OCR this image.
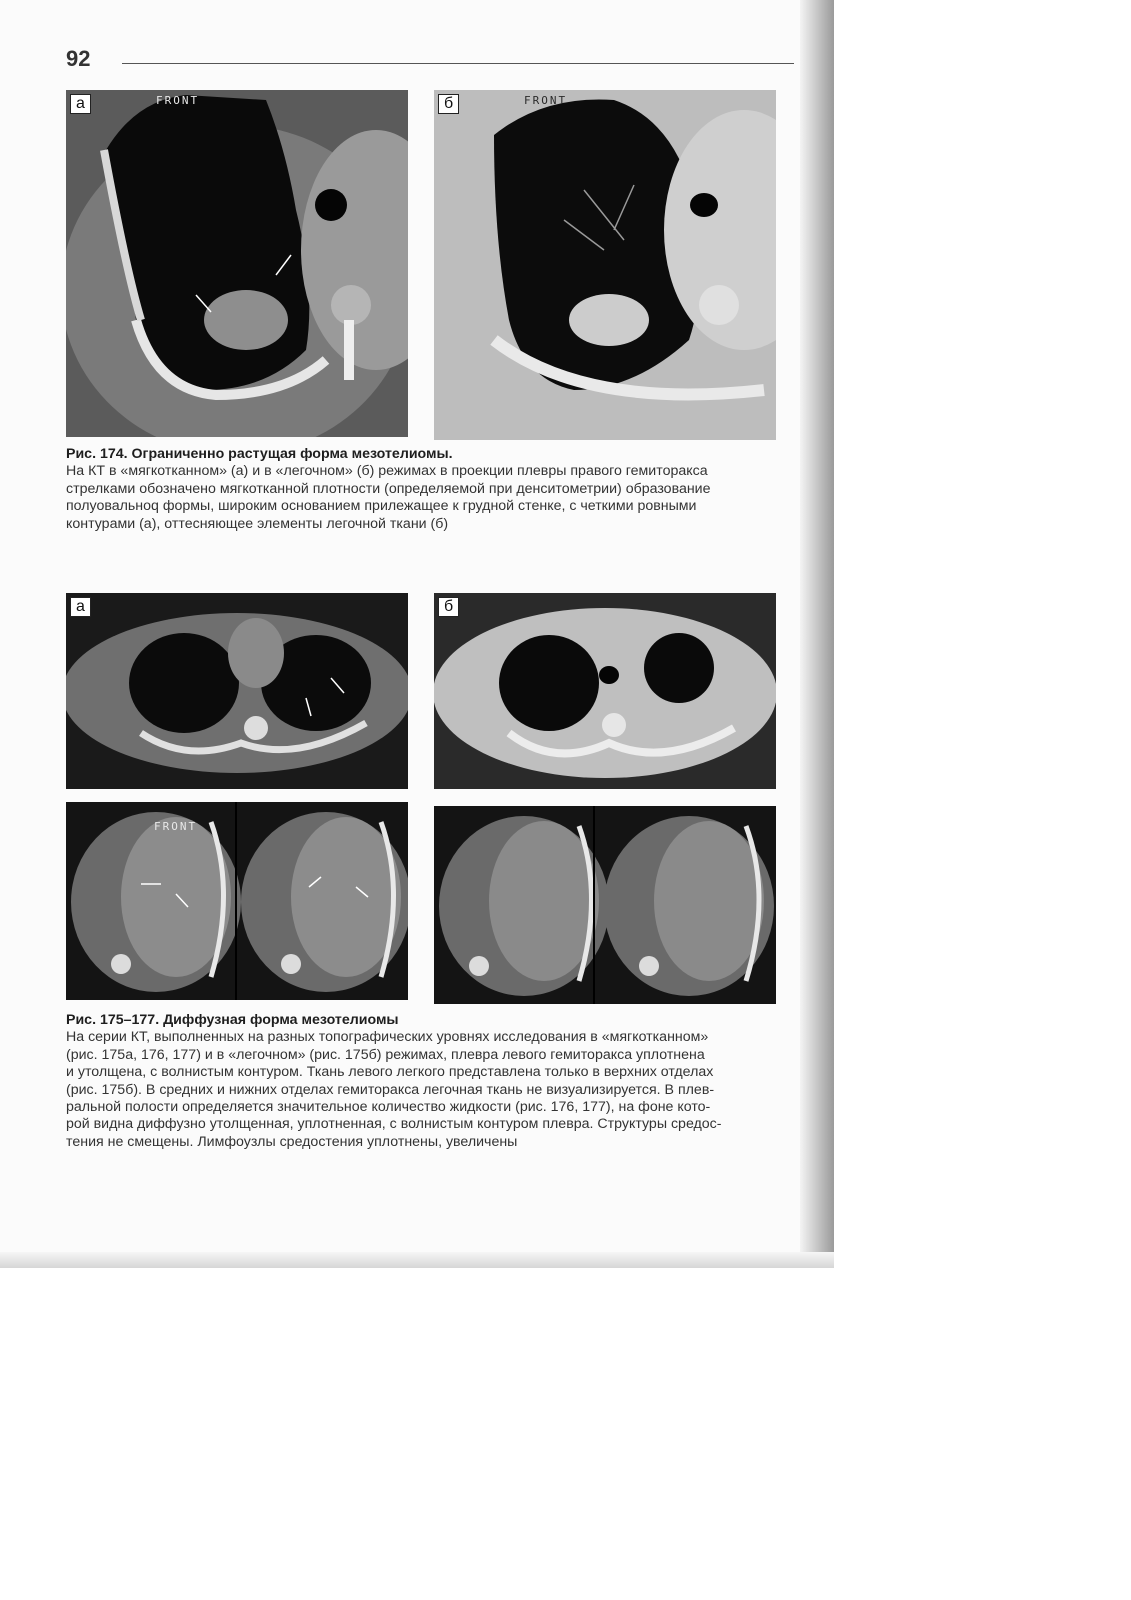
92
а	FRONT	б	FRONT

Рис. 174. Ограниченно растущая форма мезотелиомы.

На КТ в «мягкотканном» (а) и в «легочном» (б) режимах в проекции плевры правого гемиторакса

стрелками обозначено мягкотканной плотности (определяемой при денситометрии) образование

полуовальноq формы, широким основанием прилежащее к грудной стенке, с четкими ровными

контурами (а), оттесняющее элементы легочной ткани (б)

а	б
FRONT

Рис. 175–177. Диффузная форма мезотелиомы

На серии КТ, выполненных на разных топографических уровнях исследования в «мягкотканном»

(рис. 175а, 176, 177) и в «легочном» (рис. 175б) режимах, плевра левого гемиторакса уплотнена

и утолщена, с волнистым контуром. Ткань левого легкого представлена только в верхних отделах

(рис. 175б). В средних и нижних отделах гемиторакса легочная ткань не визуализируется. В плев-

ральной полости определяется значительное количество жидкости (рис. 176, 177), на фоне кото-

рой видна диффузно утолщенная, уплотненная, с волнистым контуром плевра. Структуры средос-

тения не смещены. Лимфоузлы средостения уплотнены, увеличены
